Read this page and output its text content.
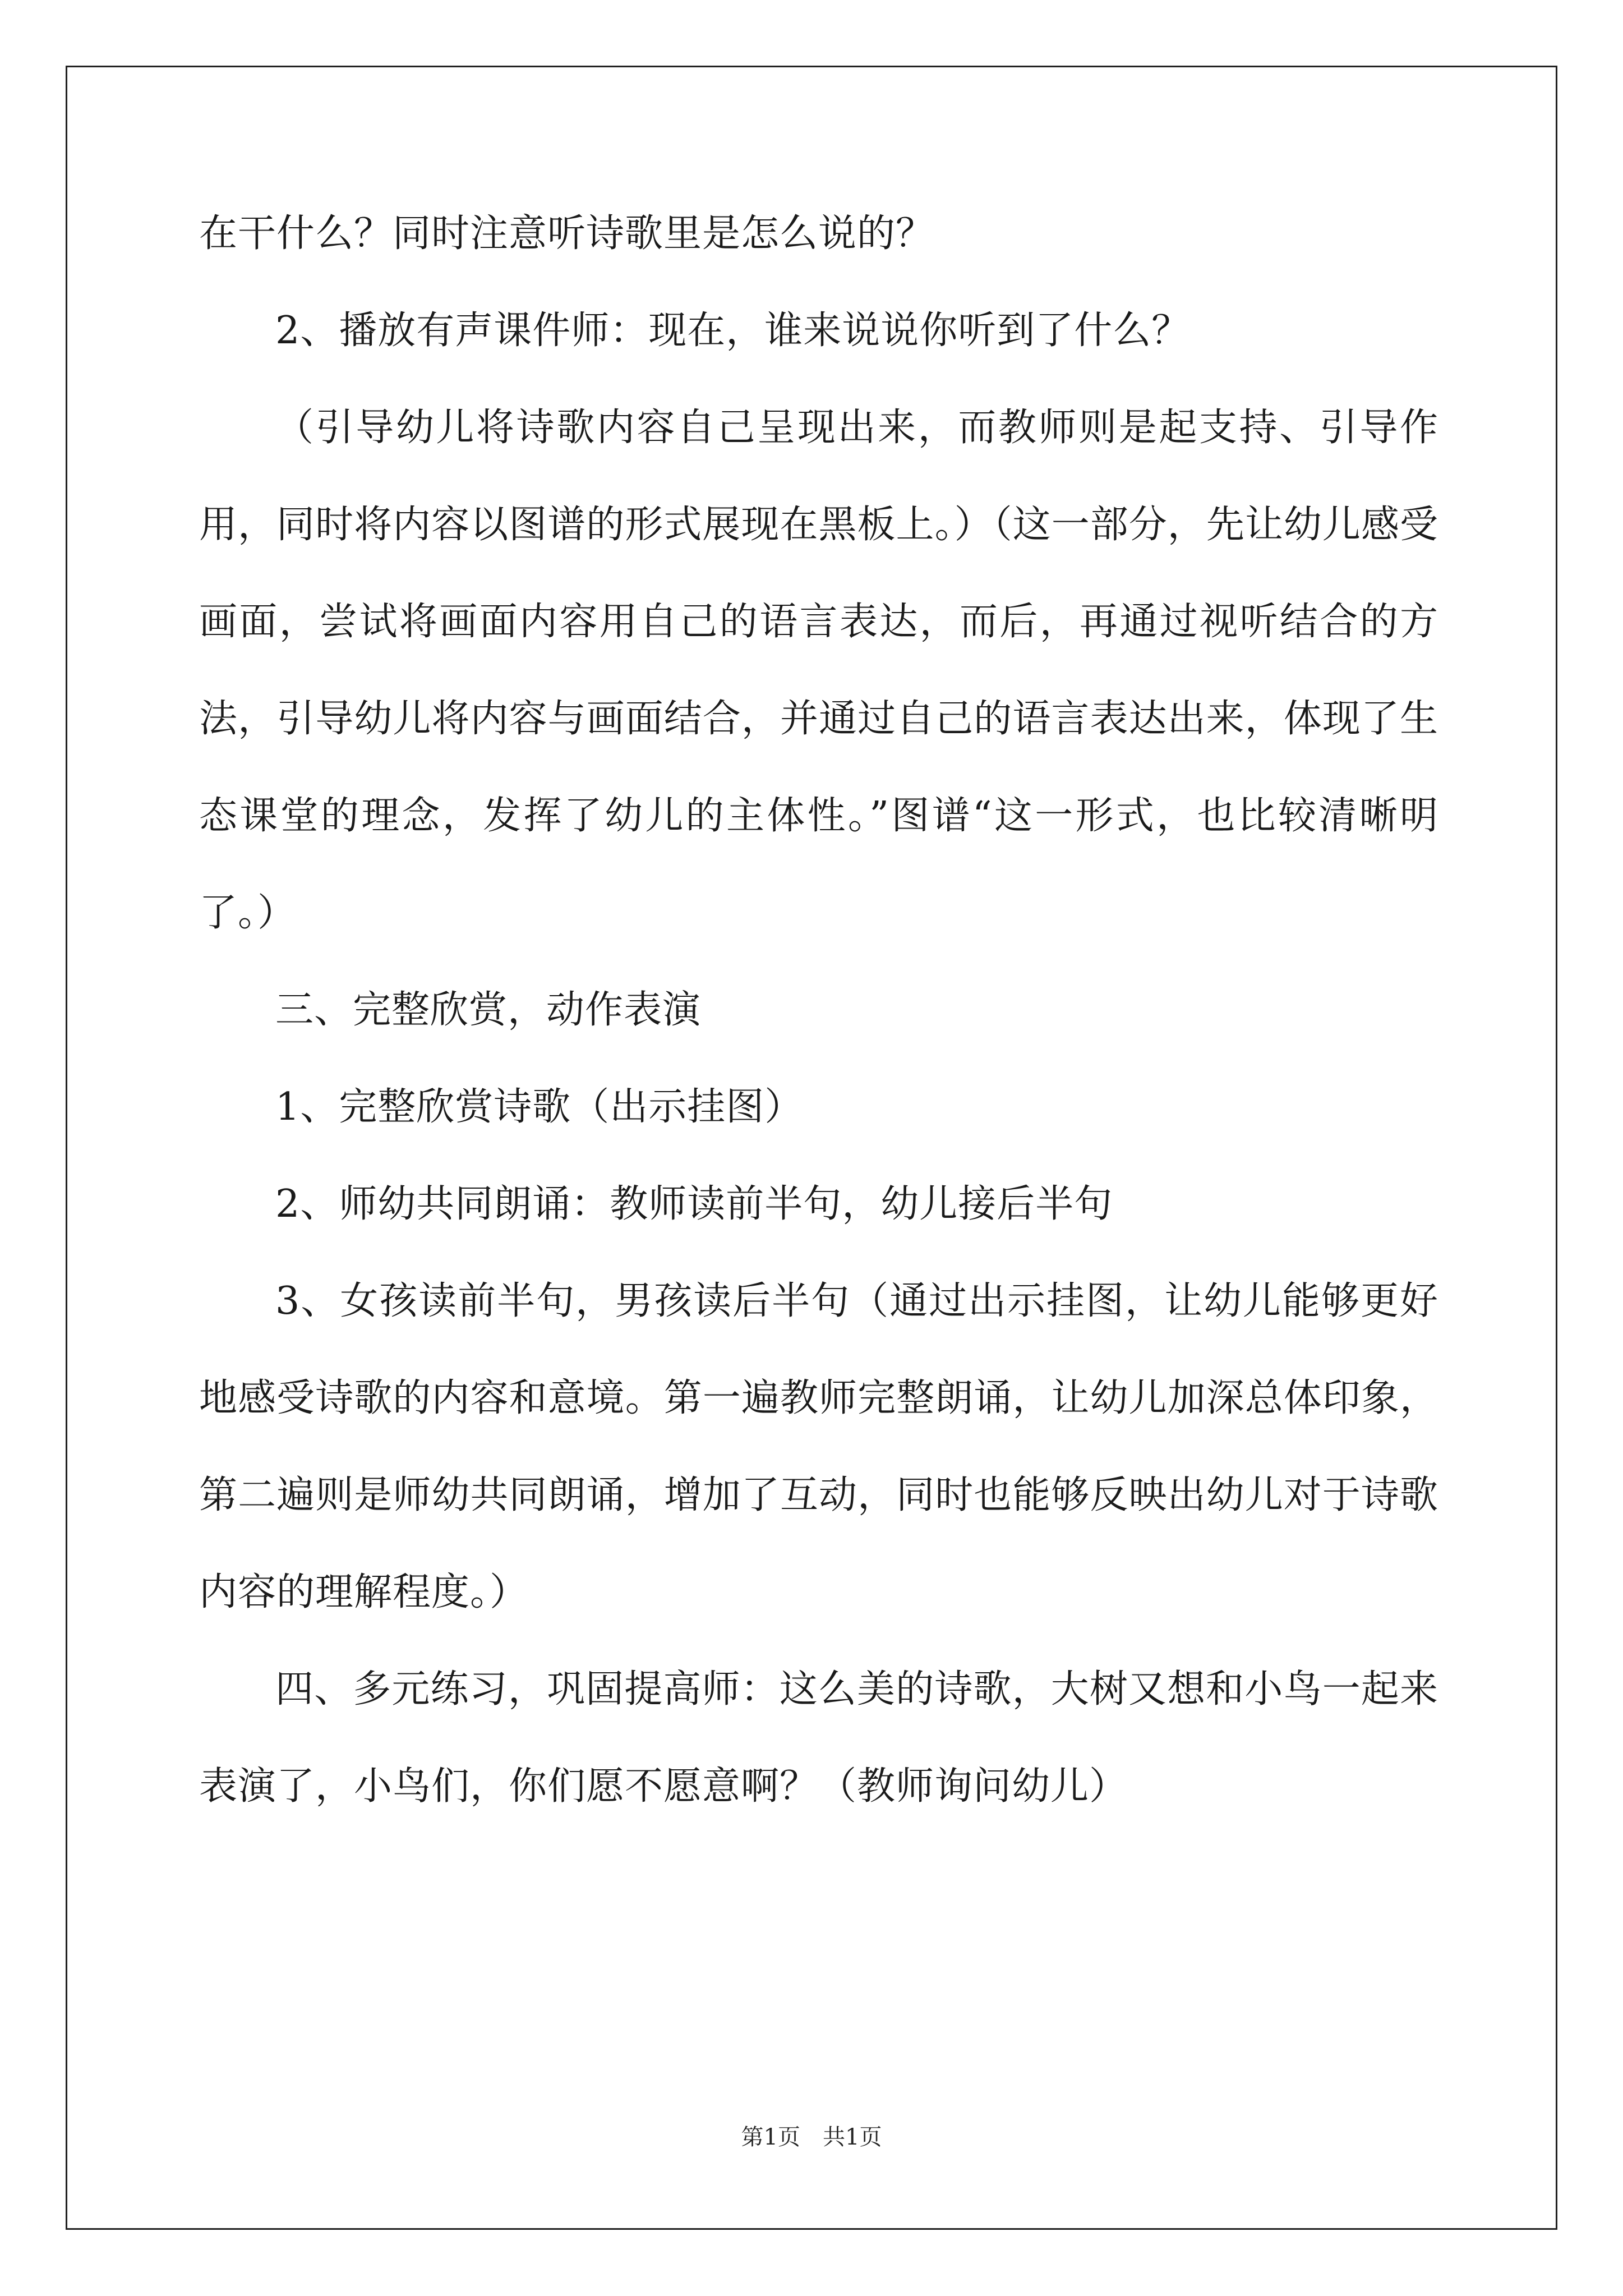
在干什么？同时注意听诗歌里是怎么说的？

2、播放有声课件师：现在，谁来说说你听到了什么？

（引导幼儿将诗歌内容自己呈现出来，而教师则是起支持、引导作用，同时将内容以图谱的形式展现在黑板上。）（这一部分，先让幼儿感受画面，尝试将画面内容用自己的语言表达，而后，再通过视听结合的方法，引导幼儿将内容与画面结合，并通过自己的语言表达出来，体现了生态课堂的理念，发挥了幼儿的主体性。”图谱“这一形式，也比较清晰明了。）

三、完整欣赏，动作表演

1、完整欣赏诗歌（出示挂图）

2、师幼共同朗诵：教师读前半句，幼儿接后半句

3、女孩读前半句，男孩读后半句（通过出示挂图，让幼儿能够更好地感受诗歌的内容和意境。第一遍教师完整朗诵，让幼儿加深总体印象，第二遍则是师幼共同朗诵，增加了互动，同时也能够反映出幼儿对于诗歌内容的理解程度。）

四、多元练习，巩固提高师：这么美的诗歌，大树又想和小鸟一起来表演了，小鸟们，你们愿不愿意啊？（教师询问幼儿）

第1页　共1页
